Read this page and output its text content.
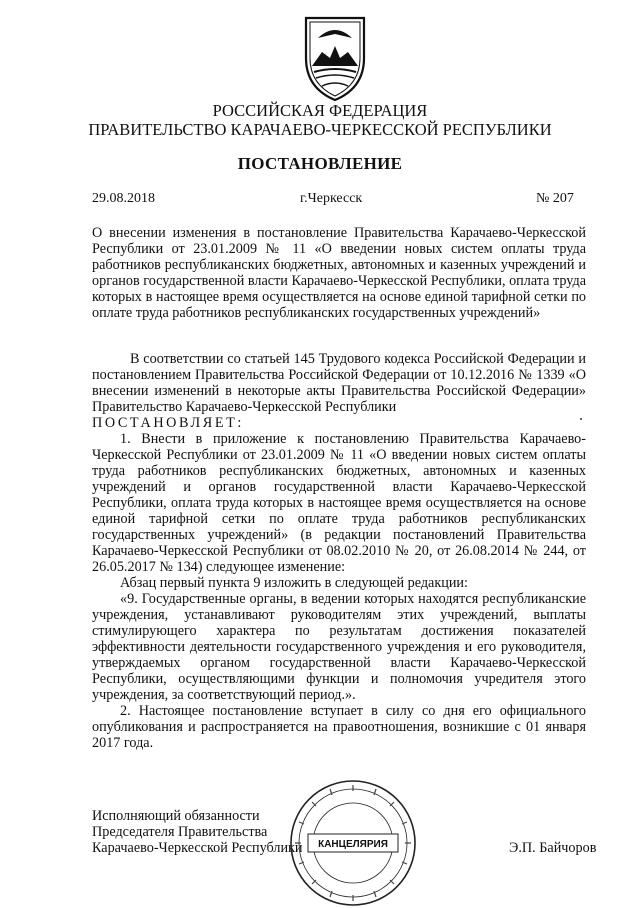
РОССИЙСКАЯ ФЕДЕРАЦИЯ
ПРАВИТЕЛЬСТВО КАРАЧАЕВО-ЧЕРКЕССКОЙ РЕСПУБЛИКИ
ПОСТАНОВЛЕНИЕ
29.08.2018	г.Черкесск	№ 207

О внесении изменения в постановление Правительства Карачаево-Черкесской Республики от 23.01.2009 № 11 «О введении новых систем оплаты труда работников республиканских бюджетных, автономных и казенных учреждений и органов государственной власти Карачаево-Черкесской Республики, оплата труда которых в настоящее время осуществляется на основе единой тарифной сетки по оплате труда работников республиканских государственных учреждений»

В соответствии со статьей 145 Трудового кодекса Российской Федерации и постановлением Правительства Российской Федерации от 10.12.2016 № 1339 «О внесении изменений в некоторые акты Правительства Российской Федерации» Правительство Карачаево-Черкесской Республики

ПОСТАНОВЛЯЕТ:

1. Внести в приложение к постановлению Правительства Карачаево-Черкесской Республики от 23.01.2009 № 11 «О введении новых систем оплаты труда работников республиканских бюджетных, автономных и казенных учреждений и органов государственной власти Карачаево-Черкесской Республики, оплата труда которых в настоящее время осуществляется на основе единой тарифной сетки по оплате труда работников республиканских государственных учреждений» (в редакции постановлений Правительства Карачаево-Черкесской Республики от 08.02.2010 № 20, от 26.08.2014 № 244, от 26.05.2017 № 134) следующее изменение:

Абзац первый пункта 9 изложить в следующей редакции:

«9. Государственные органы, в ведении которых находятся республиканские учреждения, устанавливают руководителям этих учреждений, выплаты стимулирующего характера по результатам достижения показателей эффективности деятельности государственного учреждения и его руководителя, утверждаемых органом государственной власти Карачаево-Черкесской Республики, осуществляющими функции и полномочия учредителя этого учреждения, за соответствующий период.».

2. Настоящее постановление вступает в силу со дня его официального опубликования и распространяется на правоотношения, возникшие с 01 января 2017 года.

Исполняющий обязанности
Председателя Правительства
Карачаево-Черкесской Республики КАНЦЕЛЯРИЯ	Э.П. Байчоров
